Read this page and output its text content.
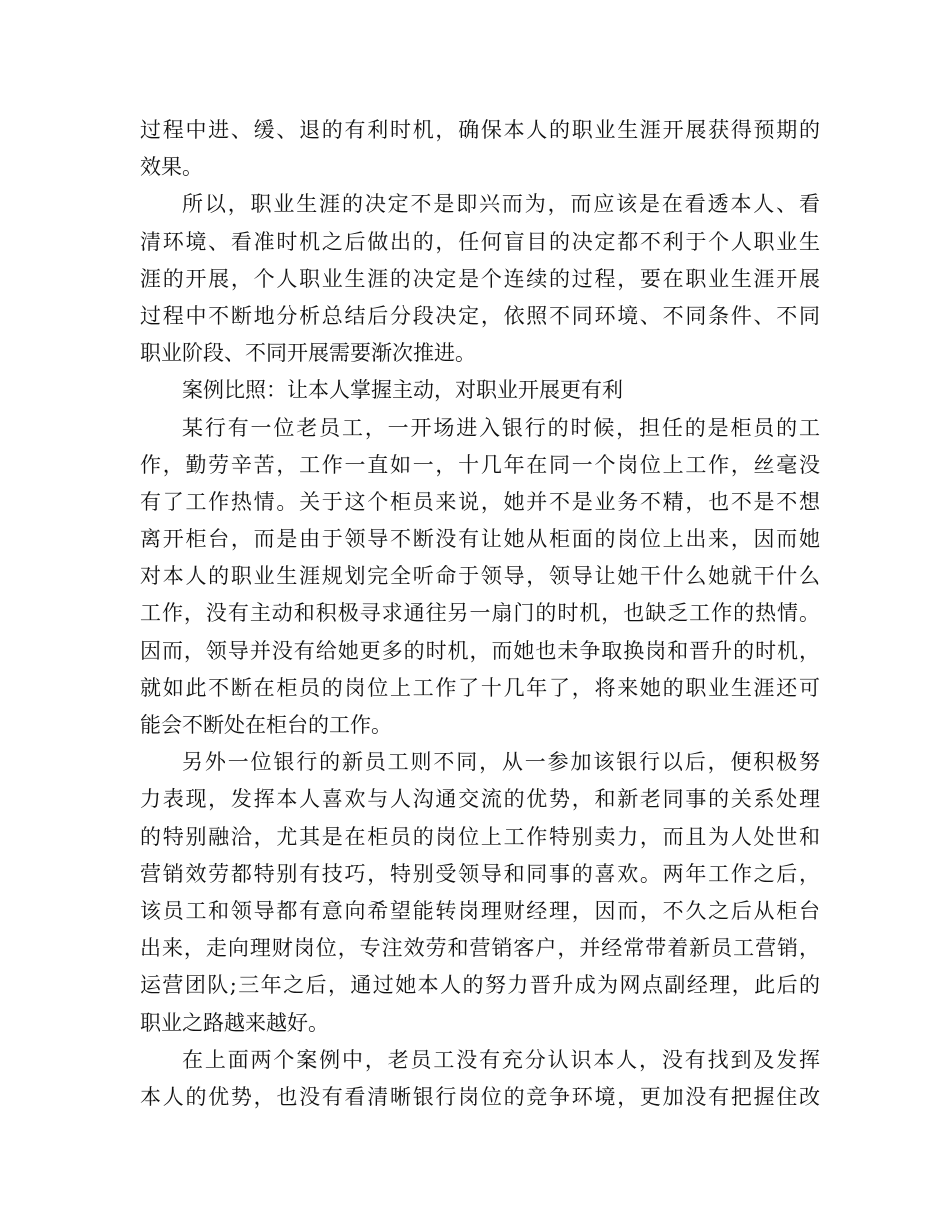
过程中进、缓、退的有利时机，确保本人的职业生涯开展获得预期的
效果。
所以，职业生涯的决定不是即兴而为，而应该是在看透本人、看
清环境、看准时机之后做出的，任何盲目的决定都不利于个人职业生
涯的开展，个人职业生涯的决定是个连续的过程，要在职业生涯开展
过程中不断地分析总结后分段决定，依照不同环境、不同条件、不同
职业阶段、不同开展需要渐次推进。
案例比照：让本人掌握主动，对职业开展更有利
某行有一位老员工，一开场进入银行的时候，担任的是柜员的工
作，勤劳辛苦，工作一直如一，十几年在同一个岗位上工作，丝毫没
有了工作热情。关于这个柜员来说，她并不是业务不精，也不是不想
离开柜台，而是由于领导不断没有让她从柜面的岗位上出来，因而她
对本人的职业生涯规划完全听命于领导，领导让她干什么她就干什么
工作，没有主动和积极寻求通往另一扇门的时机，也缺乏工作的热情。
因而，领导并没有给她更多的时机，而她也未争取换岗和晋升的时机，
就如此不断在柜员的岗位上工作了十几年了，将来她的职业生涯还可
能会不断处在柜台的工作。
另外一位银行的新员工则不同，从一参加该银行以后，便积极努
力表现，发挥本人喜欢与人沟通交流的优势，和新老同事的关系处理
的特别融洽，尤其是在柜员的岗位上工作特别卖力，而且为人处世和
营销效劳都特别有技巧，特别受领导和同事的喜欢。两年工作之后，
该员工和领导都有意向希望能转岗理财经理，因而，不久之后从柜台
出来，走向理财岗位，专注效劳和营销客户，并经常带着新员工营销，
运营团队;三年之后，通过她本人的努力晋升成为网点副经理，此后的
职业之路越来越好。
在上面两个案例中，老员工没有充分认识本人，没有找到及发挥
本人的优势，也没有看清晰银行岗位的竞争环境，更加没有把握住改
